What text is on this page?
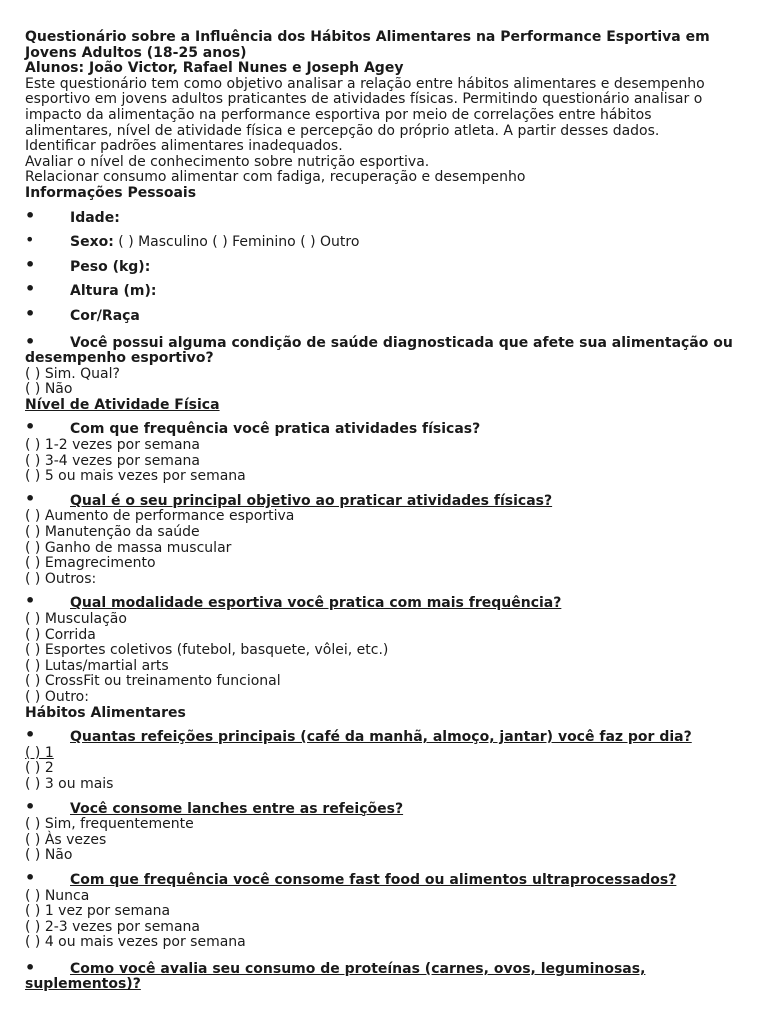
Questionário sobre a Influência dos Hábitos Alimentares na Performance Esportiva em Jovens Adultos (18-25 anos)

Alunos: João Victor, Rafael Nunes e Joseph Agey

Este questionário tem como objetivo analisar a relação entre hábitos alimentares e desempenho esportivo em jovens adultos praticantes de atividades físicas. Permitindo questionário analisar o impacto da alimentação na performance esportiva por meio de correlações entre hábitos alimentares, nível de atividade física e percepção do próprio atleta. A partir desses dados.

Identificar padrões alimentares inadequados.

Avaliar o nível de conhecimento sobre nutrição esportiva.

Relacionar consumo alimentar com fadiga, recuperação e desempenho

Informações Pessoais

• Idade:
•	Sexo: ( ) Masculino ( ) Feminino ( ) Outro
• Peso (kg):
• Altura (m):
• Cor/Raça
• Você possui alguma condição de saúde diagnosticada que afete sua alimentação ou desempenho esportivo?

( ) Sim. Qual?

( ) Não

Nível de Atividade Física

• Com que frequência você pratica atividades físicas?

( ) 1-2 vezes por semana

( ) 3-4 vezes por semana

( ) 5 ou mais vezes por semana

• Qual é o seu principal objetivo ao praticar atividades físicas?

( ) Aumento de performance esportiva

( ) Manutenção da saúde

( ) Ganho de massa muscular

( ) Emagrecimento

( ) Outros:

• Qual modalidade esportiva você pratica com mais frequência?

( ) Musculação

( ) Corrida

( ) Esportes coletivos (futebol, basquete, vôlei, etc.)

( ) Lutas/martial arts

( ) CrossFit ou treinamento funcional

( ) Outro:

Hábitos Alimentares

• Quantas refeições principais (café da manhã, almoço, jantar) você faz por dia?

( ) 1

( ) 2

( ) 3 ou mais

• Você consome lanches entre as refeições?

( ) Sim, frequentemente

( ) Às vezes

( ) Não

• Com que frequência você consome fast food ou alimentos ultraprocessados?

( ) Nunca

( ) 1 vez por semana

( ) 2-3 vezes por semana

( ) 4 ou mais vezes por semana

• Como você avalia seu consumo de proteínas (carnes, ovos, leguminosas, suplementos)?
